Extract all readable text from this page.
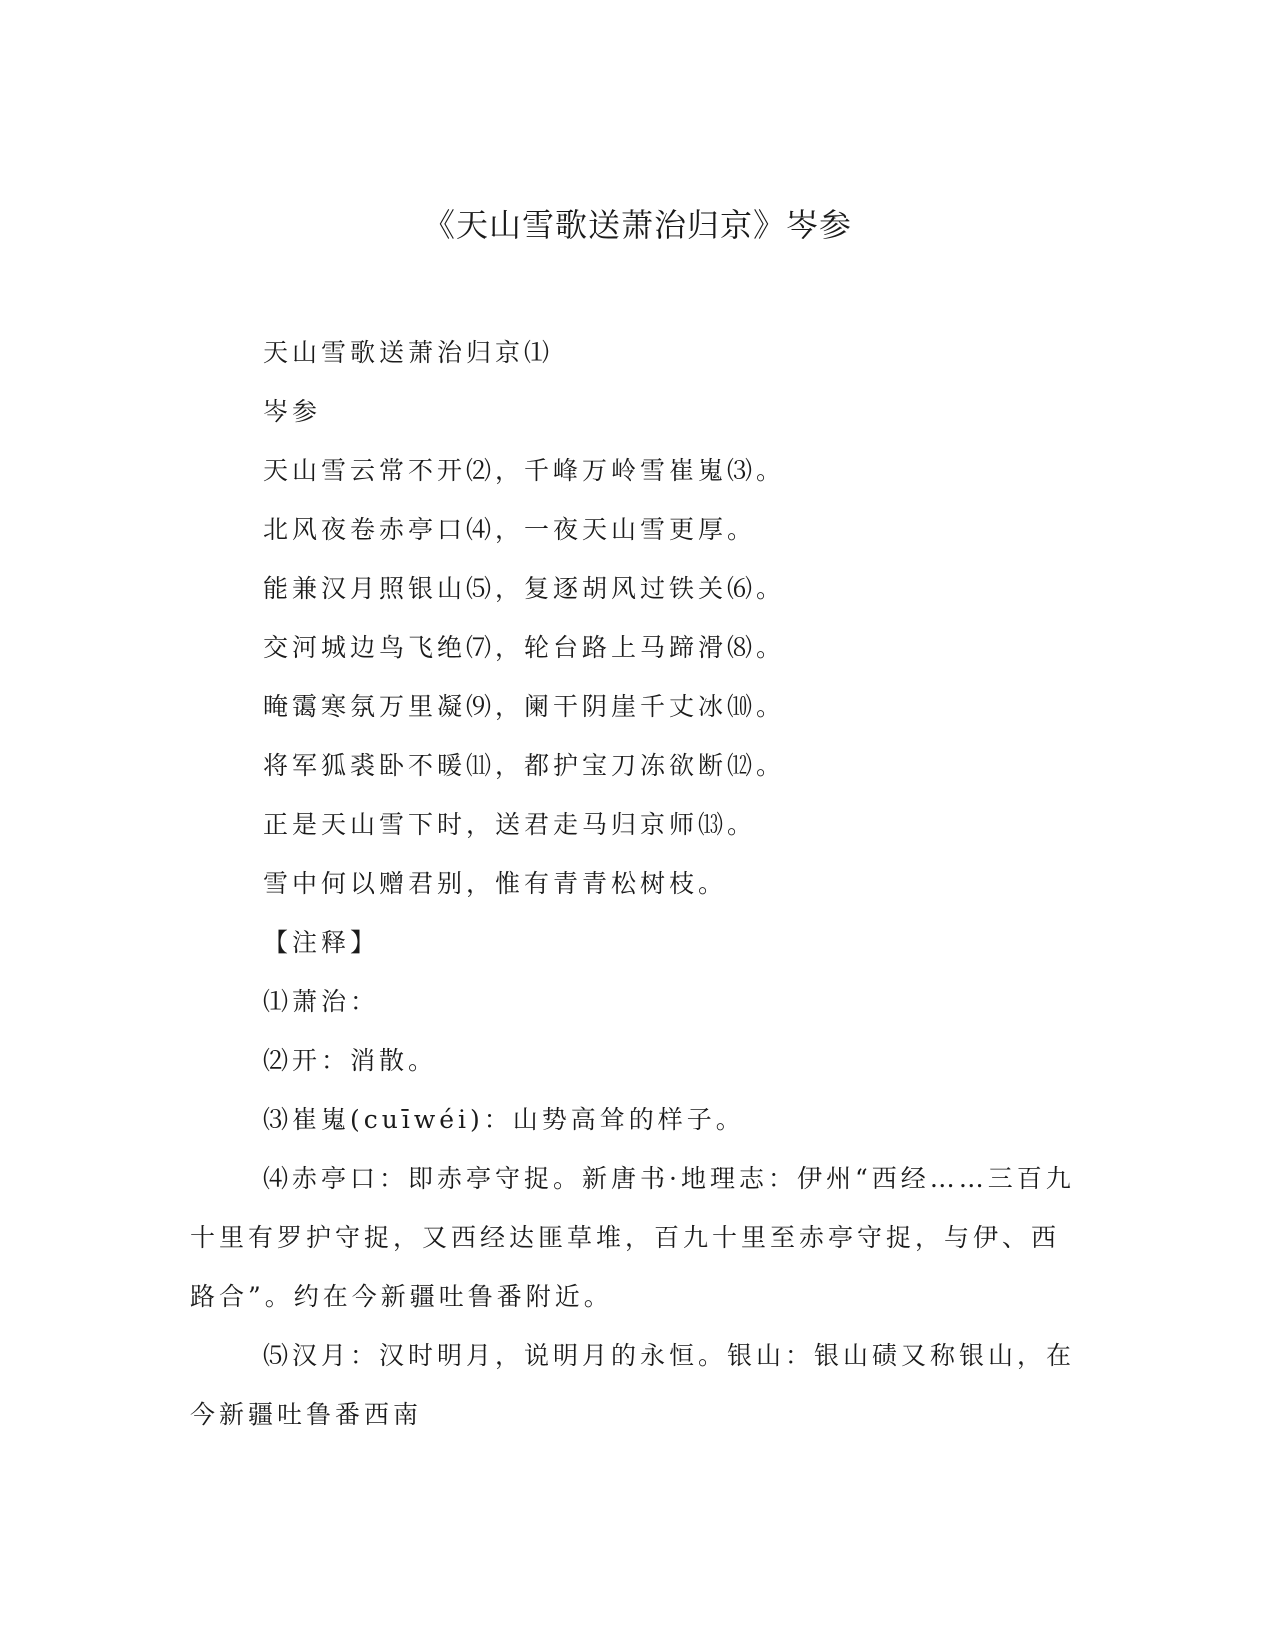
《天山雪歌送萧治归京》岑参
天山雪歌送萧治归京⑴
岑参
天山雪云常不开⑵，千峰万岭雪崔嵬⑶。
北风夜卷赤亭口⑷，一夜天山雪更厚。
能兼汉月照银山⑸，复逐胡风过铁关⑹。
交河城边鸟飞绝⑺，轮台路上马蹄滑⑻。
晻霭寒氛万里凝⑼，阑干阴崖千丈冰⑽。
将军狐裘卧不暖⑾，都护宝刀冻欲断⑿。
正是天山雪下时，送君走马归京师⒀。
雪中何以赠君别，惟有青青松树枝。
【注释】
⑴萧治：
⑵开：消散。
⑶崔嵬(cuīwéi)：山势高耸的样子。

⑷赤亭口：即赤亭守捉。新唐书·地理志：伊州“西经……三百九十里有罗护守捉，又西经达匪草堆，百九十里至赤亭守捉，与伊、西路合”。约在今新疆吐鲁番附近。

⑸汉月：汉时明月，说明月的永恒。银山：银山碛又称银山，在今新疆吐鲁番西南
